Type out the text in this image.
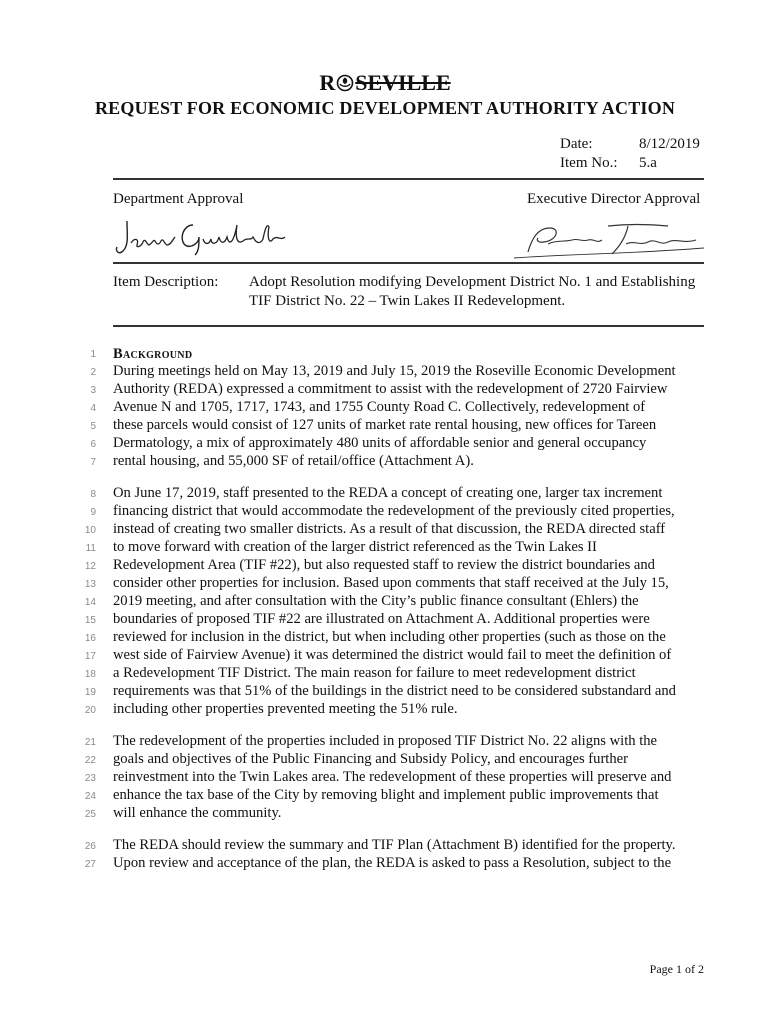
R SEVILLE
REQUEST FOR ECONOMIC DEVELOPMENT AUTHORITY ACTION
Date:	8/12/2019
Item No.: 5.a
Department Approval	Executive Director Approval
Item Description: Adopt Resolution modifying Development District No. 1 and Establishing
TIF District No. 22 – Twin Lakes II Redevelopment.
1 Background
2 During meetings held on May 13, 2019 and July 15, 2019 the Roseville Economic Development
3 Authority (REDA) expressed a commitment to assist with the redevelopment of 2720 Fairview
4 Avenue N and 1705, 1717, 1743, and 1755 County Road C. Collectively, redevelopment of
5 these parcels would consist of 127 units of market rate rental housing, new offices for Tareen
6 Dermatology, a mix of approximately 480 units of affordable senior and general occupancy
7 rental housing, and 55,000 SF of retail/office (Attachment A).
8 On June 17, 2019, staff presented to the REDA a concept of creating one, larger tax increment
9 financing district that would accommodate the redevelopment of the previously cited properties,
10 instead of creating two smaller districts. As a result of that discussion, the REDA directed staff
11 to move forward with creation of the larger district referenced as the Twin Lakes II
12 Redevelopment Area (TIF #22), but also requested staff to review the district boundaries and
13 consider other properties for inclusion. Based upon comments that staff received at the July 15,
14 2019 meeting, and after consultation with the City’s public finance consultant (Ehlers) the
15 boundaries of proposed TIF #22 are illustrated on Attachment A. Additional properties were
16 reviewed for inclusion in the district, but when including other properties (such as those on the
17 west side of Fairview Avenue) it was determined the district would fail to meet the definition of
18 a Redevelopment TIF District. The main reason for failure to meet redevelopment district
19 requirements was that 51% of the buildings in the district need to be considered substandard and
20 including other properties prevented meeting the 51% rule.
21 The redevelopment of the properties included in proposed TIF District No. 22 aligns with the
22 goals and objectives of the Public Financing and Subsidy Policy, and encourages further
23 reinvestment into the Twin Lakes area. The redevelopment of these properties will preserve and
24 enhance the tax base of the City by removing blight and implement public improvements that
25 will enhance the community.
26 The REDA should review the summary and TIF Plan (Attachment B) identified for the property.
27 Upon review and acceptance of the plan, the REDA is asked to pass a Resolution, subject to the
Page 1 of 2
